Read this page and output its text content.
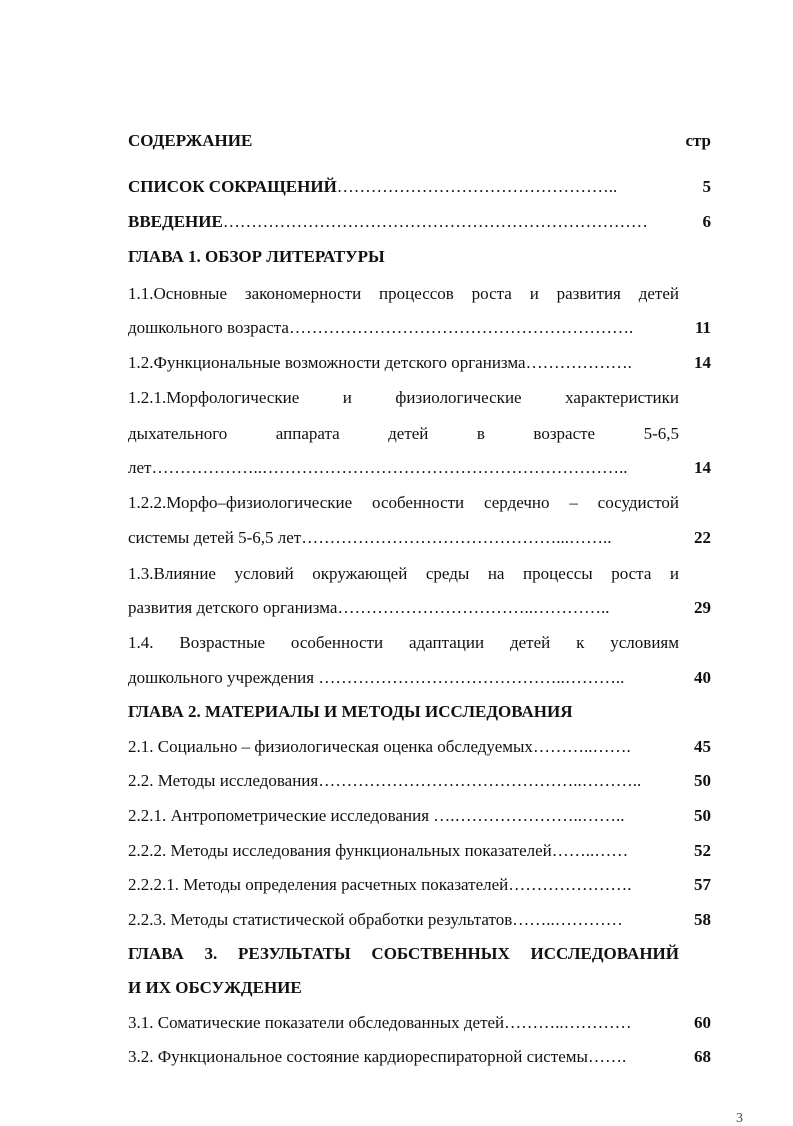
СОДЕРЖАНИЕ	стр
СПИСОК СОКРАЩЕНИЙ…………………………………………..	5
ВВЕДЕНИЕ…………………………………………………………………	6
ГЛАВА 1. ОБЗОР ЛИТЕРАТУРЫ
1.1.Основные закономерности процессов роста и развития детей
дошкольного возраста…………………………………………………….	11
1.2.Функциональные возможности детского организма……………….	14
1.2.1.Морфологические и физиологические характеристики
дыхательного аппарата детей в возрасте 5-6,5
лет………………..………………………………………………………..	14
1.2.2.Морфо–физиологические особенности сердечно – сосудистой
системы детей 5-6,5 лет………………………………………...……..	22
1.3.Влияние условий окружающей среды на процессы роста и
развития детского организма……………………………..…………..	29
1.4. Возрастные особенности адаптации детей к условиям
дошкольного учреждения ……………………………………..………..	40
ГЛАВА 2. МАТЕРИАЛЫ И МЕТОДЫ ИССЛЕДОВАНИЯ
2.1. Социально – физиологическая оценка обследуемых………..…….	45
2.2. Методы исследования………………………………………..………..	50
2.2.1. Антропометрические исследования ….…………………..……..	50
2.2.2. Методы исследования функциональных показателей……..……	52
2.2.2.1. Методы определения расчетных показателей………………….	57
2.2.3. Методы статистической обработки результатов……..…………	58
ГЛАВА 3. РЕЗУЛЬТАТЫ СОБСТВЕННЫХ ИССЛЕДОВАНИЙ
И ИХ ОБСУЖДЕНИЕ
3.1. Соматические показатели обследованных детей………..…………	60
3.2. Функциональное состояние кардиореспираторной системы…….	68
3
